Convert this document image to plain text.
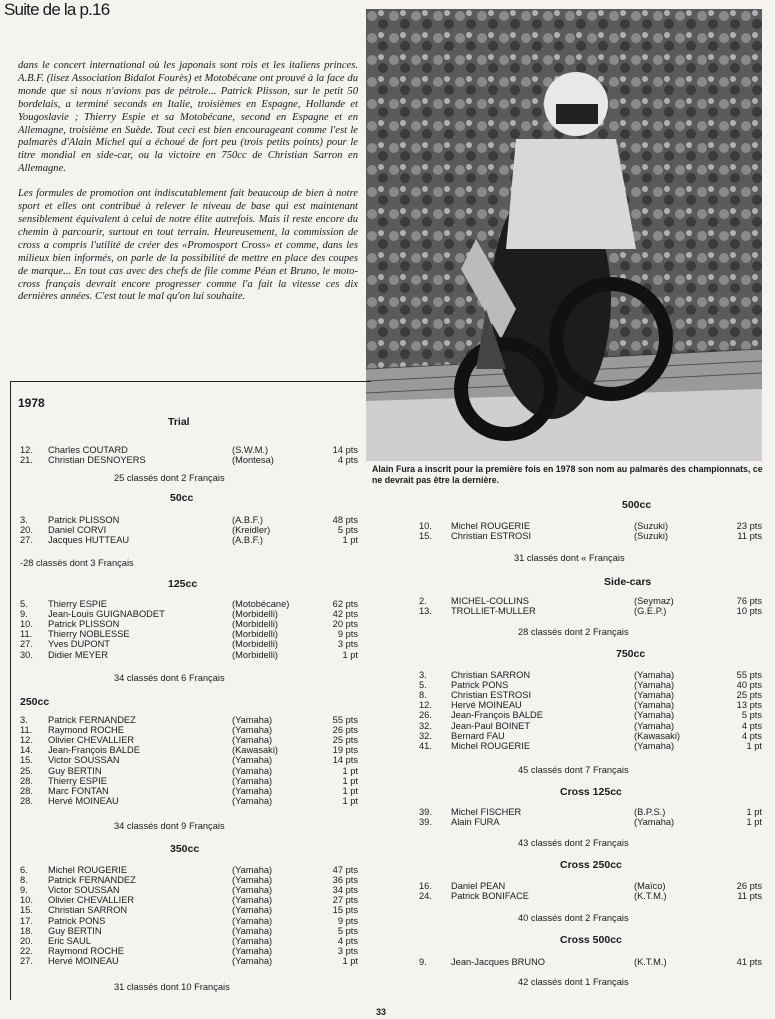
Suite de la p.16

dans le concert international où les japonais sont rois et les italiens princes. A.B.F. (lisez Association Bidalot Fourès) et Motobécane ont prouvé à la face du monde que si nous n'avions pas de pétrole... Patrick Plisson, sur le petit 50 bordelais, a terminé seconds en Italie, troisièmes en Espagne, Hollande et Yougoslavie ; Thierry Espie et sa Motobécane, second en Espagne et en Allemagne, troisième en Suède. Tout ceci est bien encourageant comme l'est le palmarès d'Alain Michel qui a échoué de fort peu (trois petits points) pour le titre mondial en side-car, ou la victoire en 750cc de Christian Sarron en Allemagne.

Les formules de promotion ont indiscutablement fait beaucoup de bien à notre sport et elles ont contribué à relever le niveau de base qui est maintenant sensiblement équivalent à celui de notre élite autrefois. Mais il reste encore du chemin à parcourir, surtout en tout terrain. Heureusement, la commission de cross a compris l'utilité de créer des «Promosport Cross» et comme, dans les milieux bien informés, on parle de la possibilité de mettre en place des coupes de marque... En tout cas avec des chefs de file comme Péan et Bruno, le moto-cross français devrait encore progresser comme l'a fait la vitesse ces dix dernières années. C'est tout le mal qu'on lui souhaite.

Alain Fura a inscrit pour la première fois en 1978 son nom au palmarès des championnats, ce ne devrait pas être la dernière.
1978
Trial
12. Charles COUTARD	(S.W.M.)	14 pts
21. Christian DESNOYERS	(Montesa)	4 pts
25 classés dont 2 Français
50cc
3. Patrick PLISSON	(A.B.F.)	48 pts
20. Daniel CORVI	(Kreidler)	5 pts
27. Jacques HUTTEAU	(A.B.F.)	1 pt
-28 classés dont 3 Français
125cc
5. Thierry ESPIE	(Motobécane)	62 pts
9. Jean-Louis GUIGNABODET	(Morbidelli)	42 pts
10. Patrick PLISSON	(Morbidelli)	20 pts
11. Thierry NOBLESSE	(Morbidelli)	9 pts
27. Yves DUPONT	(Morbidelli)	3 pts
30. Didier MEYER	(Morbidelli)	1 pt
34 classés dont 6 Français
250cc
3. Patrick FERNANDEZ	(Yamaha)	55 pts
11. Raymond ROCHE	(Yamaha)	26 pts
12. Olivier CHEVALLIER	(Yamaha)	25 pts
14. Jean-François BALDE	(Kawasaki)	19 pts
15. Victor SOUSSAN	(Yamaha)	14 pts
25. Guy BERTIN	(Yamaha)	1 pt
28. Thierry ESPIE	(Yamaha)	1 pt
28. Marc FONTAN	(Yamaha)	1 pt
28. Hervé MOINEAU	(Yamaha)	1 pt
34 classés dont 9 Français
350cc
6. Michel ROUGERIE	(Yamaha)	47 pts
8. Patrick FERNANDEZ	(Yamaha)	36 pts
9. Victor SOUSSAN	(Yamaha)	34 pts
10. Olivier CHEVALLIER	(Yamaha)	27 pts
15. Christian SARRON	(Yamaha)	15 pts
17. Patrick PONS	(Yamaha)	9 pts
18. Guy BERTIN	(Yamaha)	5 pts
20. Eric SAUL	(Yamaha)	4 pts
22. Raymond ROCHE	(Yamaha)	3 pts
27. Hervé MOINEAU	(Yamaha)	1 pt
31 classés dont 10 Français
500cc
10. Michel ROUGERIE	(Suzuki)	23 pts
15. Christian ESTROSI	(Suzuki)	11 pts
31 classés dont « Français
Side-cars
2.	MICHEL-COLLINS	(Seymaz)	76 pts
13. TROLLIET-MULLER	(G.E.P.)	10 pts
28 classés dont 2 Français
750cc
3.	Christian SARRON	(Yamaha)	55 pts
5.	Patrick PONS	(Yamaha)	40 pts
8.	Christian ESTROSI	(Yamaha)	25 pts
12. Hervé MOINEAU	(Yamaha)	13 pts
26. Jean-François BALDE	(Yamaha)	5 pts
32. Jean-Paul BOINET	(Yamaha)	4 pts
32. Bernard FAU	(Kawasaki)	4 pts
41. Michel ROUGERIE	(Yamaha)	1 pt
45 classés dont 7 Français
Cross 125cc
39. Michel FISCHER	(B.P.S.)	1 pt
39. Alain FURA	(Yamaha)	1 pt
43 classés dont 2 Français
Cross 250cc
16. Daniel PEAN	(Maïco)	26 pts
24. Patrick BONIFACE	(K.T.M.)	11 pts
40 classés dont 2 Français
Cross 500cc
9.	Jean-Jacques BRUNO	(K.T.M.)	41 pts
42 classés dont 1 Français
33
